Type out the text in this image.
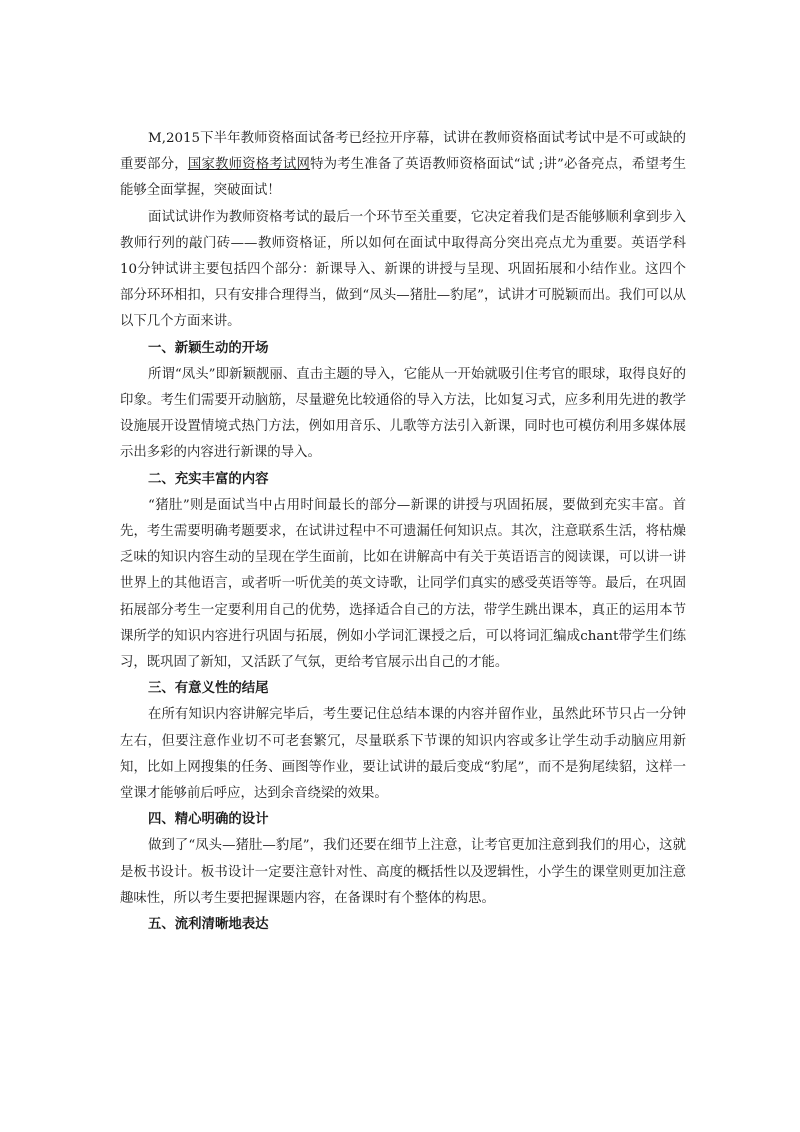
M,2015下半年教师资格面试备考已经拉开序幕，试讲在教师资格面试考试中是不可或缺的重要部分，国家教师资格考试网特为考生准备了英语教师资格面试“试 ;讲”必备亮点，希望考生能够全面掌握，突破面试！

面试试讲作为教师资格考试的最后一个环节至关重要，它决定着我们是否能够顺利拿到步入教师行列的敲门砖——教师资格证，所以如何在面试中取得高分突出亮点尤为重要。英语学科10分钟试讲主要包括四个部分：新课导入、新课的讲授与呈现、巩固拓展和小结作业。这四个部分环环相扣，只有安排合理得当，做到“凤头—猪肚—豹尾”，试讲才可脱颖而出。我们可以从以下几个方面来讲。

一、新颖生动的开场

所谓“凤头”即新颖靓丽、直击主题的导入，它能从一开始就吸引住考官的眼球，取得良好的印象。考生们需要开动脑筋，尽量避免比较通俗的导入方法，比如复习式，应多利用先进的教学设施展开设置情境式热门方法，例如用音乐、儿歌等方法引入新课，同时也可模仿利用多媒体展示出多彩的内容进行新课的导入。

二、充实丰富的内容

“猪肚”则是面试当中占用时间最长的部分—新课的讲授与巩固拓展，要做到充实丰富。首先，考生需要明确考题要求，在试讲过程中不可遗漏任何知识点。其次，注意联系生活，将枯燥乏味的知识内容生动的呈现在学生面前，比如在讲解高中有关于英语语言的阅读课，可以讲一讲世界上的其他语言，或者听一听优美的英文诗歌，让同学们真实的感受英语等等。最后，在巩固拓展部分考生一定要利用自己的优势，选择适合自己的方法，带学生跳出课本，真正的运用本节课所学的知识内容进行巩固与拓展，例如小学词汇课授之后，可以将词汇编成chant带学生们练习，既巩固了新知，又活跃了气氛，更给考官展示出自己的才能。

三、有意义性的结尾

在所有知识内容讲解完毕后，考生要记住总结本课的内容并留作业，虽然此环节只占一分钟左右，但要注意作业切不可老套繁冗，尽量联系下节课的知识内容或多让学生动手动脑应用新知，比如上网搜集的任务、画图等作业，要让试讲的最后变成“豹尾”，而不是狗尾续貂，这样一堂课才能够前后呼应，达到余音绕梁的效果。

四、精心明确的设计

做到了“凤头—猪肚—豹尾”，我们还要在细节上注意，让考官更加注意到我们的用心，这就是板书设计。板书设计一定要注意针对性、高度的概括性以及逻辑性，小学生的课堂则更加注意趣味性，所以考生要把握课题内容，在备课时有个整体的构思。

五、流利清晰地表达
